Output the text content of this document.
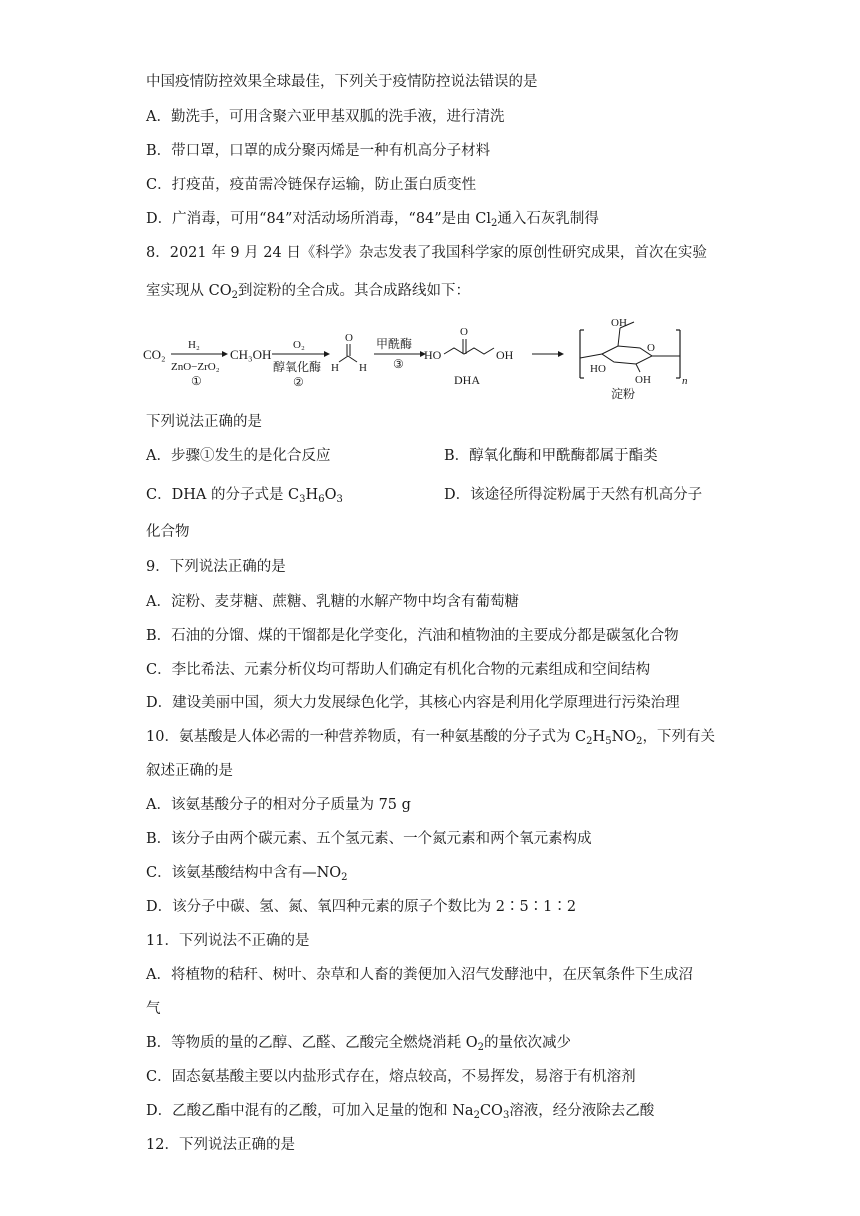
中国疫情防控效果全球最佳，下列关于疫情防控说法错误的是
A．勤洗手，可用含聚六亚甲基双胍的洗手液，进行清洗
B．带口罩，口罩的成分聚丙烯是一种有机高分子材料
C．打疫苗，疫苗需冷链保存运输，防止蛋白质变性
D．广消毒，可用“84”对活动场所消毒，“84”是由 $Cl_2$通入石灰乳制得
8．2021 年 9 月 24 日《科学》杂志发表了我国科学家的原创性研究成果，首次在实验
室实现从 $CO_2$到淀粉的全合成。其合成路线如下：
CO₂
H₂
ZnO−ZrO₂
①
CH₃OH
O₂
醇氧化酶
②
O
H H
甲酰酶
③
HO
O
OH
DHA
OH
O
HO
OH	n
淀粉
下列说法正确的是
A．步骤①发生的是化合反应	B．醇氧化酶和甲酰酶都属于酯类
C．DHA 的分子式是 $C_3H_6O_3$	D．该途径所得淀粉属于天然有机高分子
化合物
9．下列说法正确的是
A．淀粉、麦芽糖、蔗糖、乳糖的水解产物中均含有葡萄糖
B．石油的分馏、煤的干馏都是化学变化，汽油和植物油的主要成分都是碳氢化合物
C．李比希法、元素分析仪均可帮助人们确定有机化合物的元素组成和空间结构
D．建设美丽中国，须大力发展绿色化学，其核心内容是利用化学原理进行污染治理
10．氨基酸是人体必需的一种营养物质，有一种氨基酸的分子式为 $C_2H_5NO_2$，下列有关
叙述正确的是
A．该氨基酸分子的相对分子质量为 75 g
B．该分子由两个碳元素、五个氢元素、一个氮元素和两个氧元素构成
C．该氨基酸结构中含有$—NO_2$
D．该分子中碳、氢、氮、氧四种元素的原子个数比为 2∶5∶1∶2
11．下列说法不正确的是
A．将植物的秸秆、树叶、杂草和人畜的粪便加入沼气发酵池中，在厌氧条件下生成沼
气
B．等物质的量的乙醇、乙醛、乙酸完全燃烧消耗 $O_2$的量依次减少
C．固态氨基酸主要以内盐形式存在，熔点较高，不易挥发，易溶于有机溶剂
D．乙酸乙酯中混有的乙酸，可加入足量的饱和 $Na_2CO_3$溶液，经分液除去乙酸
12．下列说法正确的是
